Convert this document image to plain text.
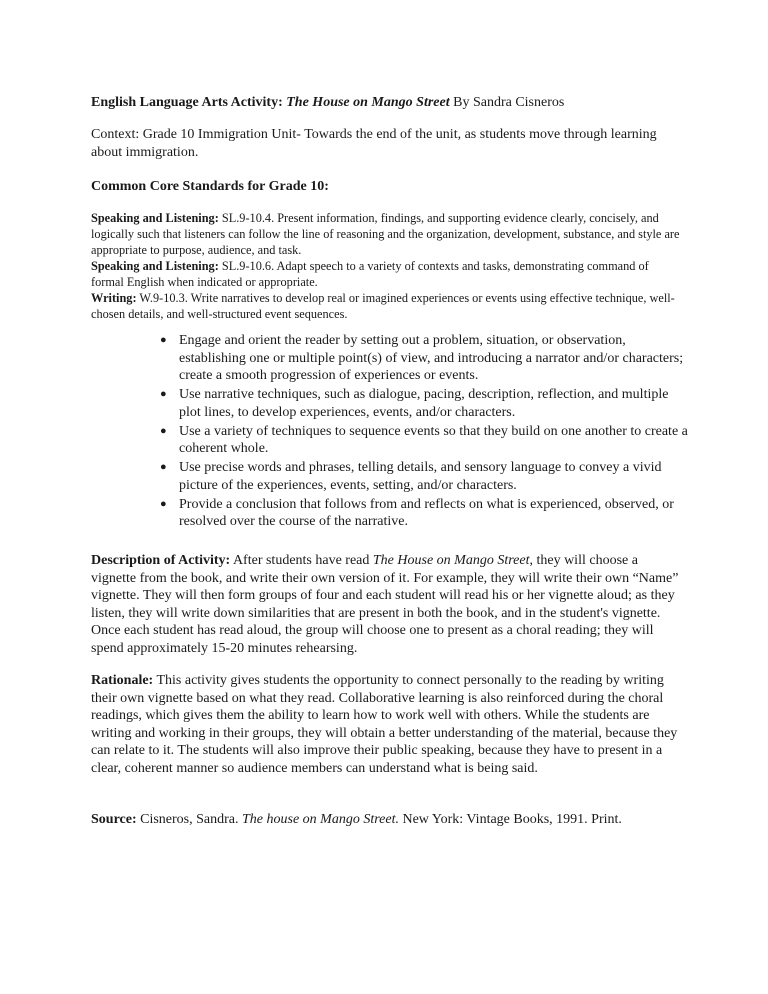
English Language Arts Activity: The House on Mango Street By Sandra Cisneros

Context: Grade 10 Immigration Unit- Towards the end of the unit, as students move through learning about immigration.

Common Core Standards for Grade 10:

Speaking and Listening: SL.9-10.4. Present information, findings, and supporting evidence clearly, concisely, and logically such that listeners can follow the line of reasoning and the organization, development, substance, and style are appropriate to purpose, audience, and task.

Speaking and Listening: SL.9-10.6. Adapt speech to a variety of contexts and tasks, demonstrating command of formal English when indicated or appropriate.

Writing: W.9-10.3. Write narratives to develop real or imagined experiences or events using effective technique, well-chosen details, and well-structured event sequences.

● Engage and orient the reader by setting out a problem, situation, or observation, establishing one or multiple point(s) of view, and introducing a narrator and/or characters; create a smooth progression of experiences or events.
● Use narrative techniques, such as dialogue, pacing, description, reflection, and multiple plot lines, to develop experiences, events, and/or characters.
● Use a variety of techniques to sequence events so that they build on one another to create a coherent whole.
● Use precise words and phrases, telling details, and sensory language to convey a vivid picture of the experiences, events, setting, and/or characters.
● Provide a conclusion that follows from and reflects on what is experienced, observed, or resolved over the course of the narrative.

Description of Activity: After students have read The House on Mango Street, they will choose a vignette from the book, and write their own version of it. For example, they will write their own “Name” vignette. They will then form groups of four and each student will read his or her vignette aloud; as they listen, they will write down similarities that are present in both the book, and in the student's vignette. Once each student has read aloud, the group will choose one to present as a choral reading; they will spend approximately 15-20 minutes rehearsing.

Rationale: This activity gives students the opportunity to connect personally to the reading by writing their own vignette based on what they read. Collaborative learning is also reinforced during the choral readings, which gives them the ability to learn how to work well with others. While the students are writing and working in their groups, they will obtain a better understanding of the material, because they can relate to it. The students will also improve their public speaking, because they have to present in a clear, coherent manner so audience members can understand what is being said.

Source: Cisneros, Sandra. The house on Mango Street. New York: Vintage Books, 1991. Print.
